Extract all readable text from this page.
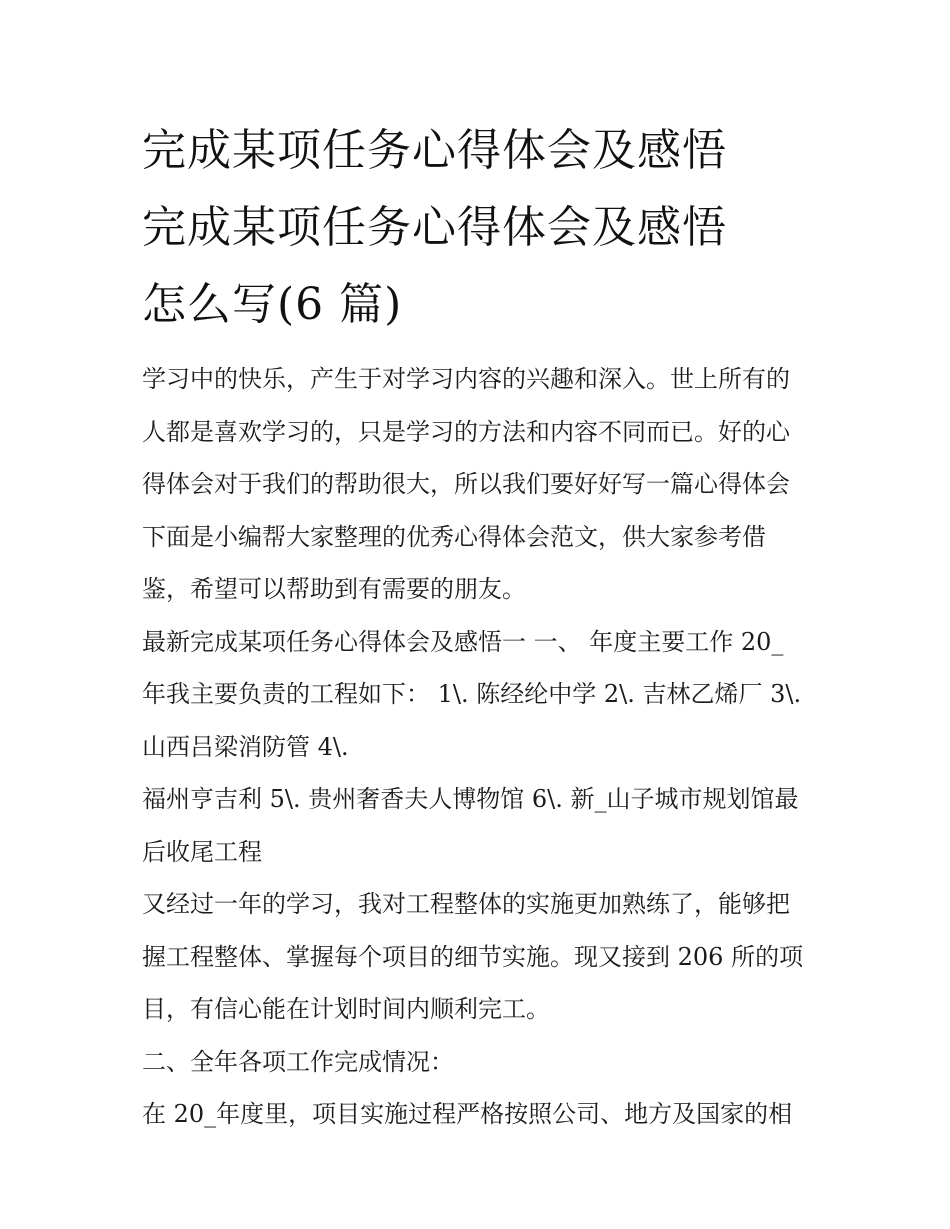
完成某项任务心得体会及感悟
完成某项任务心得体会及感悟
怎么写(6 篇)

学习中的快乐，产生于对学习内容的兴趣和深入。世上所有的
人都是喜欢学习的，只是学习的方法和内容不同而已。好的心
得体会对于我们的帮助很大，所以我们要好好写一篇心得体会
下面是小编帮大家整理的优秀心得体会范文，供大家参考借
鉴，希望可以帮助到有需要的朋友。

最新完成某项任务心得体会及感悟一 一、 年度主要工作 20_
年我主要负责的工程如下： 1\. 陈经纶中学 2\. 吉林乙烯厂 3\.
山西吕梁消防管 4\.

福州亨吉利 5\. 贵州奢香夫人博物馆 6\. 新_山子城市规划馆最
后收尾工程

又经过一年的学习，我对工程整体的实施更加熟练了，能够把
握工程整体、掌握每个项目的细节实施。现又接到 206 所的项
目，有信心能在计划时间内顺利完工。

二、全年各项工作完成情况：

在 20_年度里，项目实施过程严格按照公司、地方及国家的相
